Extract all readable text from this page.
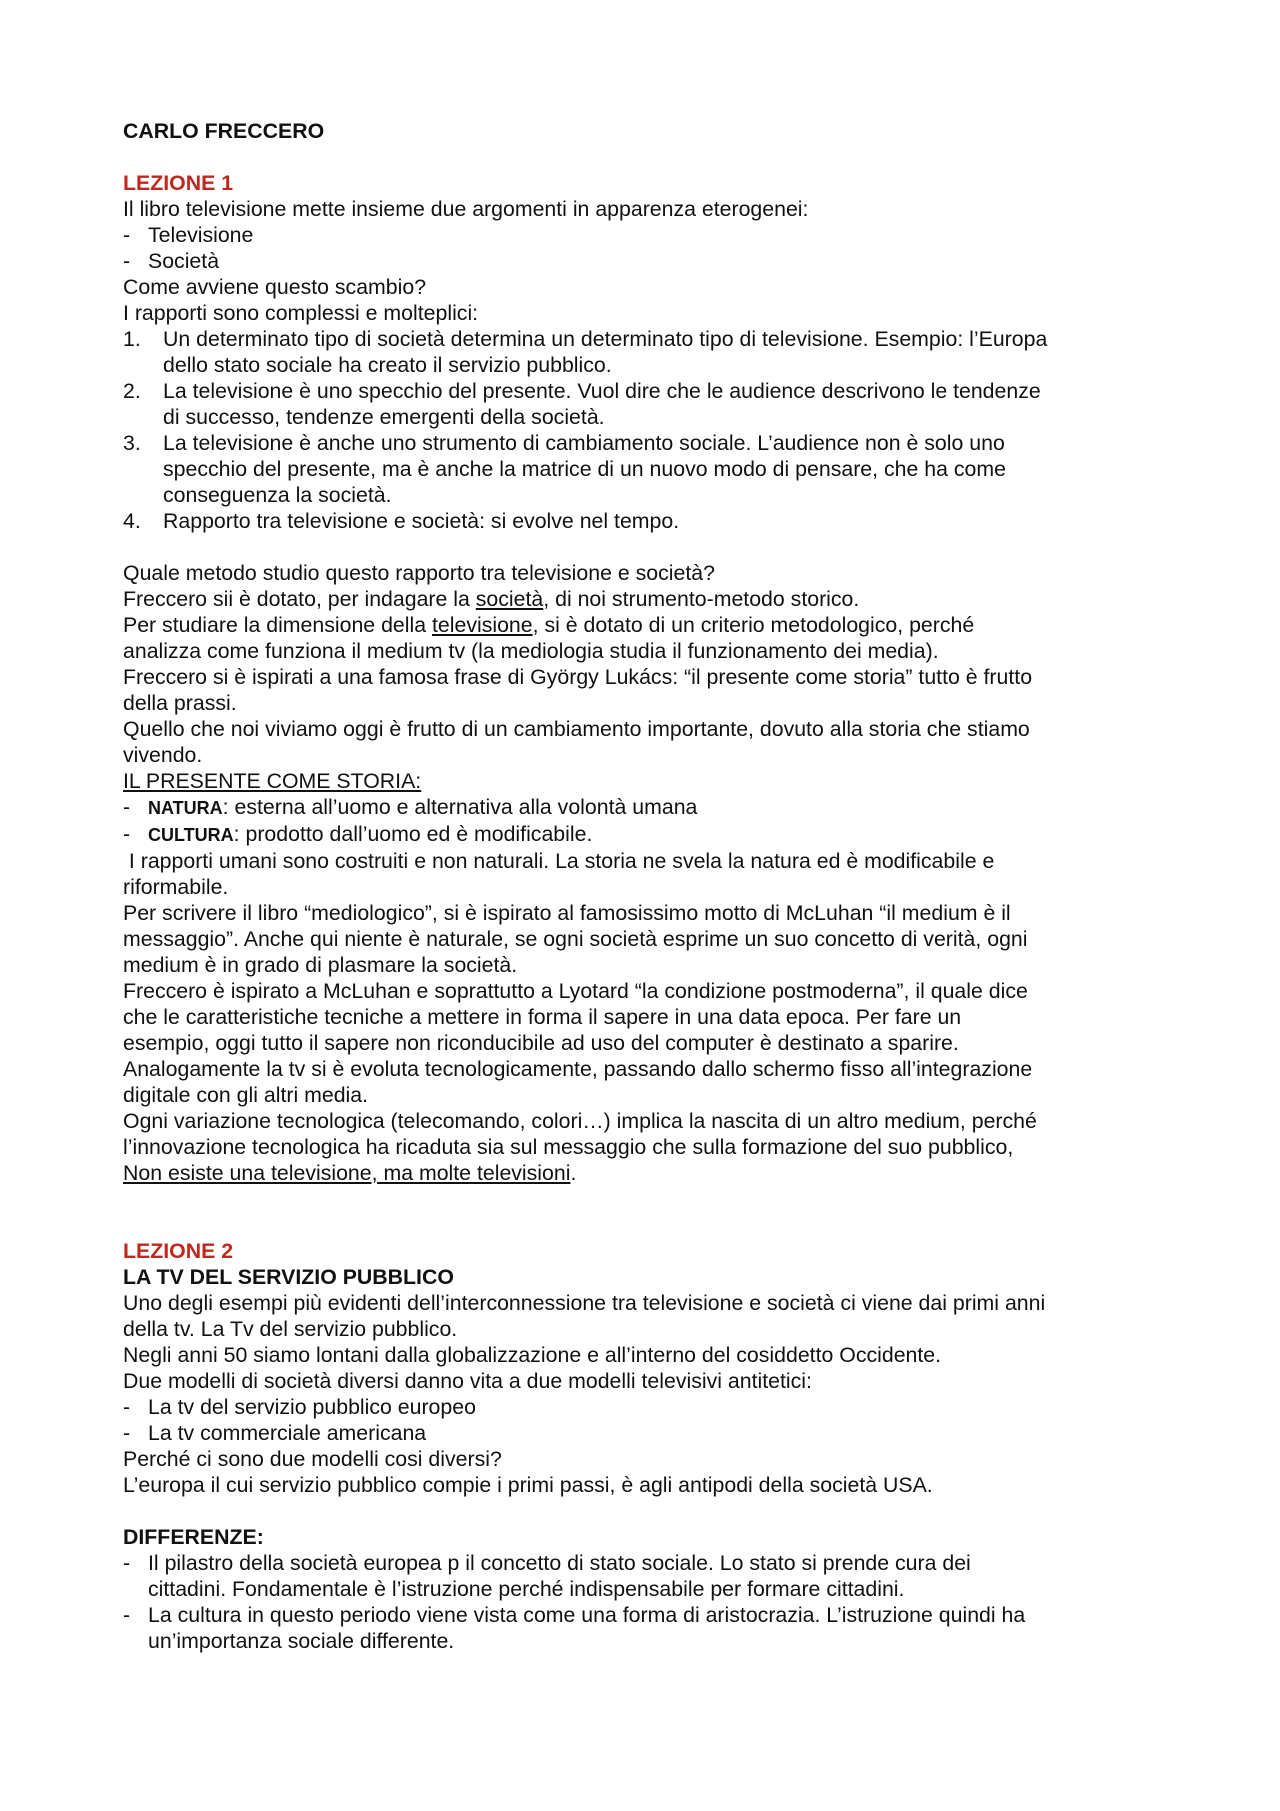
CARLO FRECCERO
LEZIONE 1
Il libro televisione mette insieme due argomenti in apparenza eterogenei:
- Televisione
- Società
Come avviene questo scambio?
I rapporti sono complessi e molteplici:
1. Un determinato tipo di società determina un determinato tipo di televisione. Esempio: l’Europa
dello stato sociale ha creato il servizio pubblico.
2. La televisione è uno specchio del presente. Vuol dire che le audience descrivono le tendenze
di successo, tendenze emergenti della società.
3. La televisione è anche uno strumento di cambiamento sociale. L’audience non è solo uno
specchio del presente, ma è anche la matrice di un nuovo modo di pensare, che ha come
conseguenza la società.
4. Rapporto tra televisione e società: si evolve nel tempo.
Quale metodo studio questo rapporto tra televisione e società?
Freccero sii è dotato, per indagare la società, di noi strumento-metodo storico.
Per studiare la dimensione della televisione, si è dotato di un criterio metodologico, perché
analizza come funziona il medium tv (la mediologia studia il funzionamento dei media).
Freccero si è ispirati a una famosa frase di György Lukács: “il presente come storia” tutto è frutto
della prassi.
Quello che noi viviamo oggi è frutto di un cambiamento importante, dovuto alla storia che stiamo
vivendo.
IL PRESENTE COME STORIA:
- NATURA: esterna all’uomo e alternativa alla volontà umana
- CULTURA: prodotto dall’uomo ed è modificabile.
I rapporti umani sono costruiti e non naturali. La storia ne svela la natura ed è modificabile e
riformabile.
Per scrivere il libro “mediologico”, si è ispirato al famosissimo motto di McLuhan “il medium è il
messaggio”. Anche qui niente è naturale, se ogni società esprime un suo concetto di verità, ogni
medium è in grado di plasmare la società.
Freccero è ispirato a McLuhan e soprattutto a Lyotard “la condizione postmoderna”, il quale dice
che le caratteristiche tecniche a mettere in forma il sapere in una data epoca. Per fare un
esempio, oggi tutto il sapere non riconducibile ad uso del computer è destinato a sparire.
Analogamente la tv si è evoluta tecnologicamente, passando dallo schermo fisso all’integrazione
digitale con gli altri media.
Ogni variazione tecnologica (telecomando, colori…) implica la nascita di un altro medium, perché
l’innovazione tecnologica ha ricaduta sia sul messaggio che sulla formazione del suo pubblico,
Non esiste una televisione, ma molte televisioni.
LEZIONE 2
LA TV DEL SERVIZIO PUBBLICO
Uno degli esempi più evidenti dell’interconnessione tra televisione e società ci viene dai primi anni
della tv. La Tv del servizio pubblico.
Negli anni 50 siamo lontani dalla globalizzazione e all’interno del cosiddetto Occidente.
Due modelli di società diversi danno vita a due modelli televisivi antitetici:
- La tv del servizio pubblico europeo
- La tv commerciale americana
Perché ci sono due modelli cosi diversi?
L’europa il cui servizio pubblico compie i primi passi, è agli antipodi della società USA.
DIFFERENZE:
- Il pilastro della società europea p il concetto di stato sociale. Lo stato si prende cura dei
cittadini. Fondamentale è l’istruzione perché indispensabile per formare cittadini.
- La cultura in questo periodo viene vista come una forma di aristocrazia. L’istruzione quindi ha
un’importanza sociale differente.
